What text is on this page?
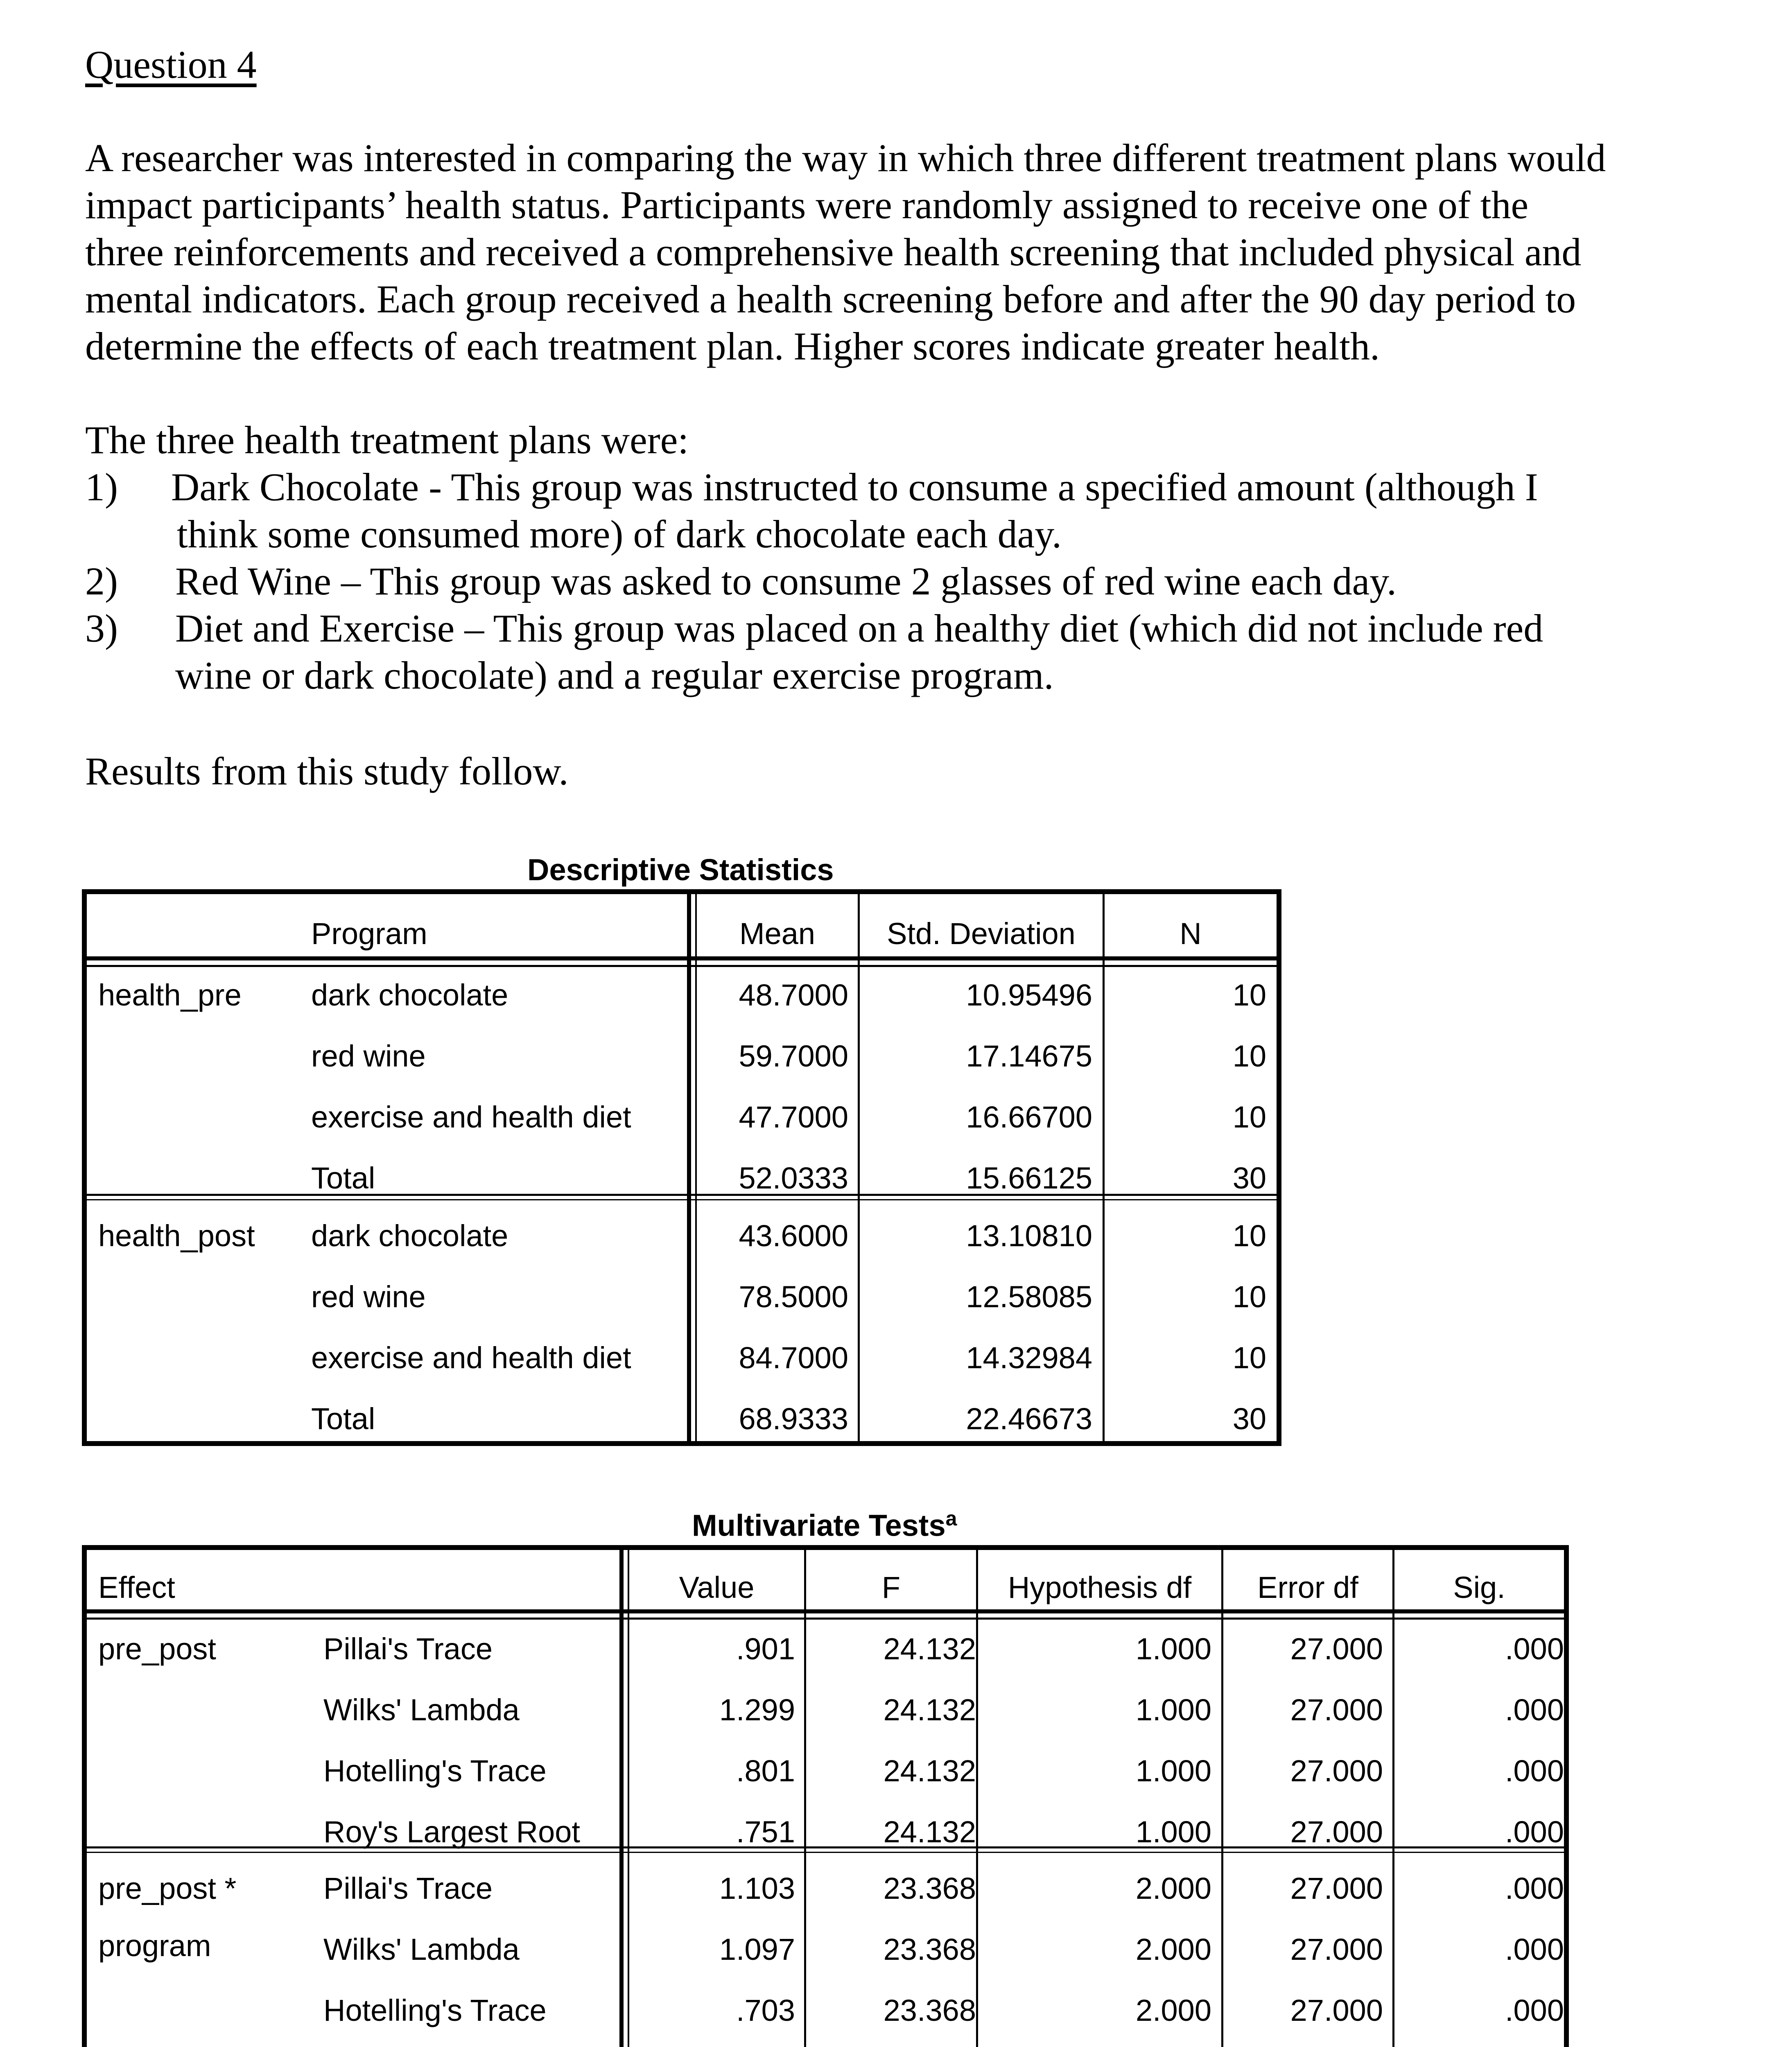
Question 4

A researcher was interested in comparing the way in which three different treatment plans would

impact participants’ health status. Participants were randomly assigned to receive one of the

three reinforcements and received a comprehensive health screening that included physical and

mental indicators. Each group received a health screening before and after the 90 day period to

determine the effects of each treatment plan. Higher scores indicate greater health.

The three health treatment plans were:
1) Dark Chocolate - This group was instructed to consume a specified amount (although I
think some consumed more) of dark chocolate each day.
2) Red Wine – This group was asked to consume 2 glasses of red wine each day.
3) Diet and Exercise – This group was placed on a healthy diet (which did not include red
wine or dark chocolate) and a regular exercise program.
Results from this study follow.
Descriptive Statistics
Program	Mean	Std. Deviation	N
health_pre dark chocolate	48.7000	10.95496	10
red wine	59.7000	17.14675	10
exercise and health diet	47.7000	16.66700	10
Total	52.0333	15.66125	30
health_post dark chocolate	43.6000	13.10810	10
red wine	78.5000	12.58085	10
exercise and health diet	84.7000	14.32984	10
Total	68.9333	22.46673	30
Multivariate Tests$^a$
Effect	Value	F	Hypothesis df	Error df	Sig.
pre_post	Pillai's Trace	.901	24.132	1.000	27.000	.000
Wilks' Lambda	1.299	24.132	1.000	27.000	.000
Hotelling's Trace	.801	24.132	1.000	27.000	.000
Roy's Largest Root	.751	24.132	1.000	27.000	.000
pre_post *
program
Pillai's Trace	1.103	23.368	2.000	27.000	.000
Wilks' Lambda	1.097	23.368	2.000	27.000	.000
Hotelling's Trace	.703	23.368	2.000	27.000	.000
